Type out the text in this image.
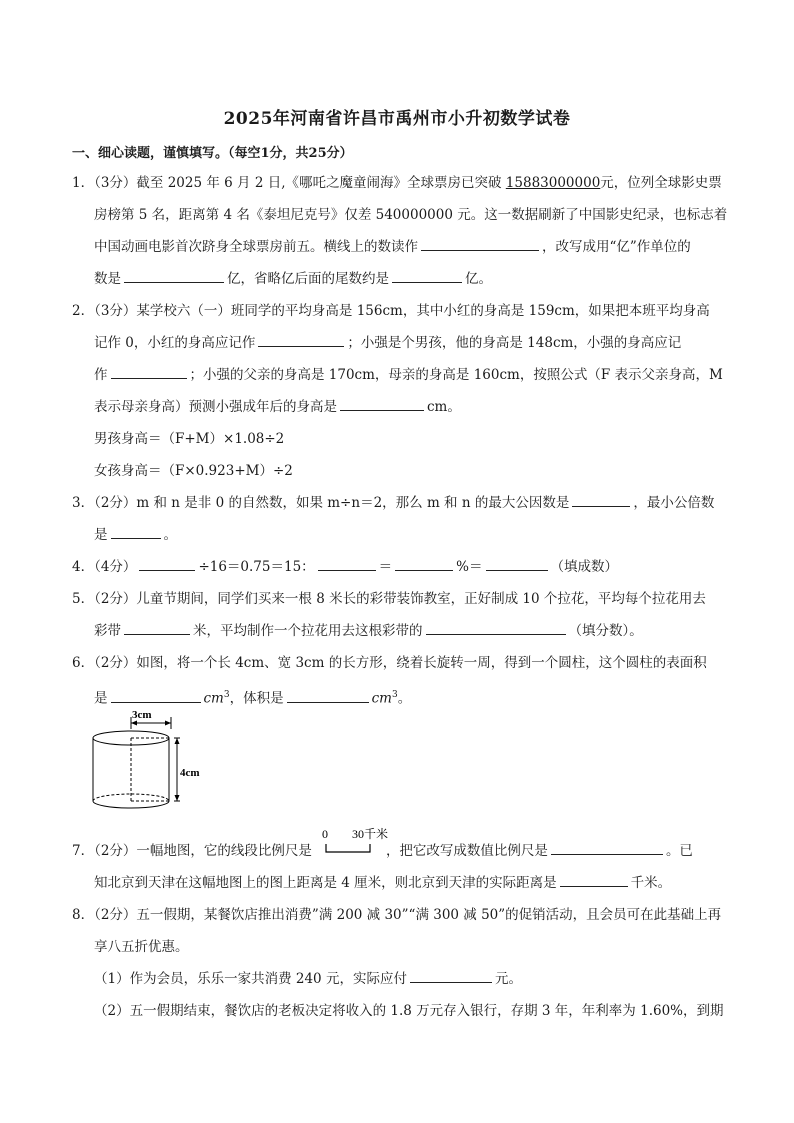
2025年河南省许昌市禹州市小升初数学试卷
一、细心读题，谨慎填写。（每空1分，共25分）
1．（3分）截至 2025 年 6 月 2 日,《哪吒之魔童闹海》全球票房已突破 15883000000元，位列全球影史票
房榜第 5 名，距离第 4 名《泰坦尼克号》仅差 540000000 元。这一数据刷新了中国影史纪录，也标志着
中国动画电影首次跻身全球票房前五。横线上的数读作	，改写成用“亿”作单位的
数是	亿，省略亿后面的尾数约是	亿。
2．（3分）某学校六（一）班同学的平均身高是 156cm，其中小红的身高是 159cm，如果把本班平均身高
记作 0，小红的身高应记作	；小强是个男孩，他的身高是 148cm，小强的身高应记
作	；小强的父亲的身高是 170cm，母亲的身高是 160cm，按照公式（F 表示父亲身高，M
表示母亲身高）预测小强成年后的身高是	cm。
男孩身高＝（F+M）×1.08÷2
女孩身高＝（F×0.923+M）÷2
3．（2分）m 和 n 是非 0 的自然数，如果 m÷n＝2，那么 m 和 n 的最大公因数是	，最小公倍数
是	。
4．（4分）	÷16＝0.75＝15：	＝	%＝	（填成数）
5．（2分）儿童节期间，同学们买来一根 8 米长的彩带装饰教室，正好制成 10 个拉花，平均每个拉花用去
彩带	米，平均制作一个拉花用去这根彩带的	（填分数）。
6．（2分）如图，将一个长 4cm、宽 3cm 的长方形，绕着长旋转一周，得到一个圆柱，这个圆柱的表面积
是	$cm^3$，体积是	$cm^3$。
3cm
4cm
7．（2分）一幅地图，它的线段比例尺是	，把它改写成数值比例尺是	。已
0 30千米
知北京到天津在这幅地图上的图上距离是 4 厘米，则北京到天津的实际距离是	千米。
8．（2分）五一假期，某餐饮店推出消费”满 200 减 30”“满 300 减 50”的促销活动，且会员可在此基础上再
享八五折优惠。
（1）作为会员，乐乐一家共消费 240 元，实际应付	元。
（2）五一假期结束，餐饮店的老板决定将收入的 1.8 万元存入银行，存期 3 年，年利率为 1.60%，到期
